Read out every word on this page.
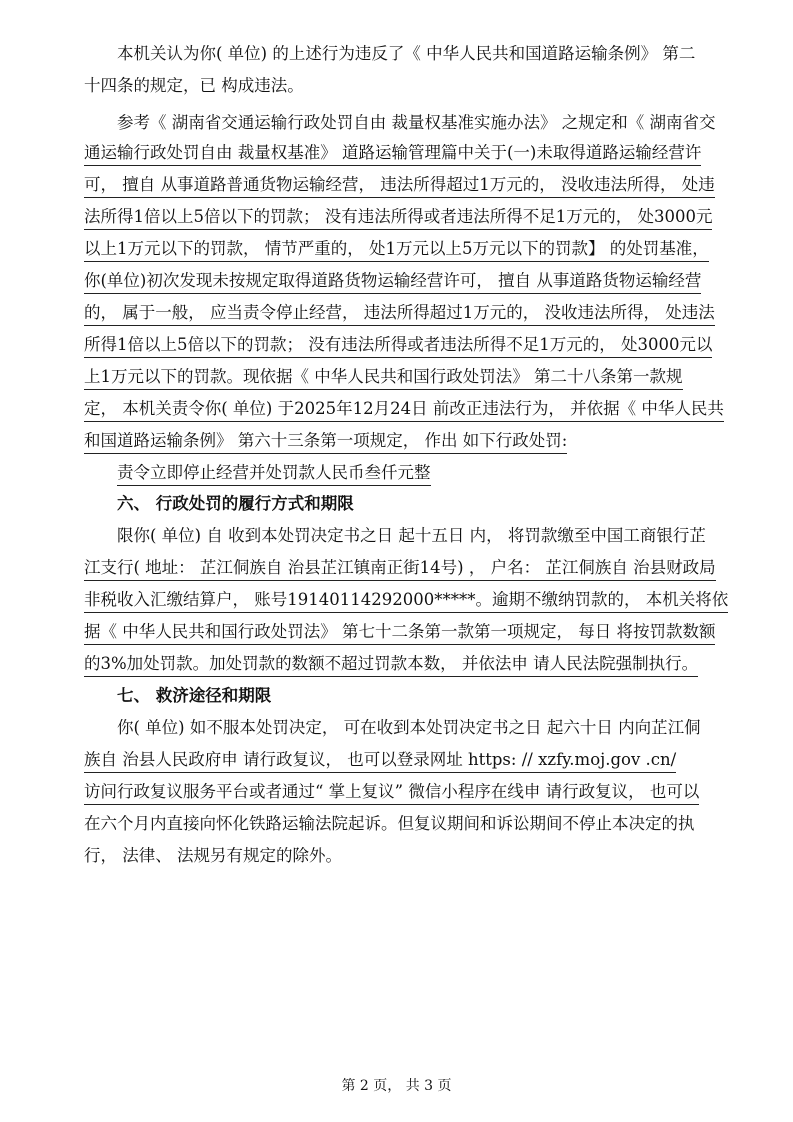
本机关认为你( 单位) 的上述行为违反了《 中华人民共和国道路运输条例》 第二
十四条的规定，已 构成违法。
参考《 湖南省交通运输行政处罚自由 裁量权基准实施办法》 之规定和《 湖南省交
通运输行政处罚自由 裁量权基准》 道路运输管理篇中关于(一)未取得道路运输经营许
可， 擅自 从事道路普通货物运输经营， 违法所得超过1万元的， 没收违法所得， 处违
法所得1倍以上5倍以下的罚款； 没有违法所得或者违法所得不足1万元的， 处3000元
以上1万元以下的罚款， 情节严重的， 处1万元以上5万元以下的罚款】 的处罚基准，
你(单位)初次发现未按规定取得道路货物运输经营许可， 擅自 从事道路货物运输经营
的， 属于一般， 应当责令停止经营， 违法所得超过1万元的， 没收违法所得， 处违法
所得1倍以上5倍以下的罚款； 没有违法所得或者违法所得不足1万元的， 处3000元以
上1万元以下的罚款。现依据《 中华人民共和国行政处罚法》 第二十八条第一款规
定， 本机关责令你( 单位) 于2025年12月24日 前改正违法行为， 并依据《 中华人民共
和国道路运输条例》 第六十三条第一项规定， 作出 如下行政处罚:
责令立即停止经营并处罚款人民币叁仟元整
六、 行政处罚的履行方式和期限
限你( 单位) 自 收到本处罚决定书之日 起十五日 内， 将罚款缴至中国工商银行芷
江支行( 地址： 芷江侗族自 治县芷江镇南正街14号) ， 户名： 芷江侗族自 治县财政局
非税收入汇缴结算户， 账号19140114292000*****。逾期不缴纳罚款的， 本机关将依
据《 中华人民共和国行政处罚法》 第七十二条第一款第一项规定， 每日 将按罚款数额
的3%加处罚款。加处罚款的数额不超过罚款本数， 并依法申 请人民法院强制执行。
七、 救济途径和期限
你( 单位) 如不服本处罚决定， 可在收到本处罚决定书之日 起六十日 内向芷江侗
族自 治县人民政府申 请行政复议， 也可以登录网址 https: // xzfy.moj.gov .cn/
访问行政复议服务平台或者通过“ 掌上复议” 微信小程序在线申 请行政复议， 也可以
在六个月内直接向怀化铁路运输法院起诉。但复议期间和诉讼期间不停止本决定的执
行， 法律、 法规另有规定的除外。
第 2 页， 共 3 页
